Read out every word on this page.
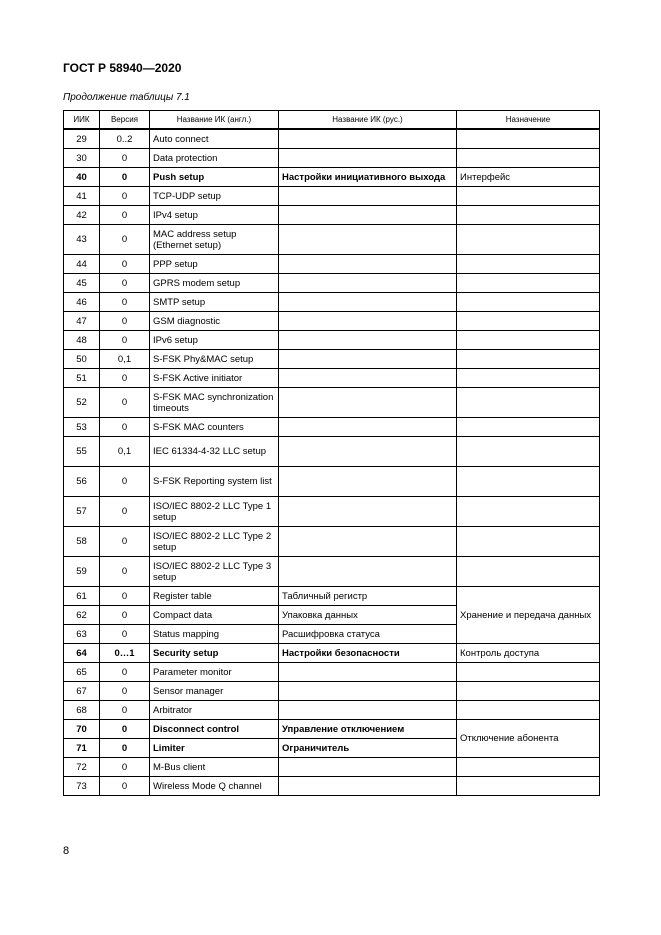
ГОСТ Р 58940—2020
Продолжение таблицы 7.1
ИИК	Версия	Название ИК (англ.)	Название ИК (рус.)	Назначение
29	0..2	Auto connect		
30	0	Data protection		
40	0	Push setup	Настройки инициативного выхода	Интерфейс
41	0	TCP-UDP setup		
42	0	IPv4 setup		
43	0	MAC address setup (Ethernet setup)		
44	0	PPP setup		
45	0	GPRS modem setup		
46	0	SMTP setup		
47	0	GSM diagnostic		
48	0	IPv6 setup		
50	0,1	S-FSK Phy&MAC setup		
51	0	S-FSK Active initiator		
52	0	S-FSK MAC synchronization timeouts		
53	0	S-FSK MAC counters		
55	0,1	IEC 61334-4-32 LLC setup		
56	0	S-FSK Reporting system list		
57	0	ISO/IEC 8802-2 LLC Type 1 setup		
58	0	ISO/IEC 8802-2 LLC Type 2 setup		
59	0	ISO/IEC 8802-2 LLC Type 3 setup		
61	0	Register table	Табличный регистр	Хранение и передача данных
62	0	Compact data	Упаковка данных	
63	0	Status mapping	Расшифровка статуса	
64	0…1	Security setup	Настройки безопасности	Контроль доступа
65	0	Parameter monitor		
67	0	Sensor manager		
68	0	Arbitrator		
70	0	Disconnect control	Управление отключением	Отключение абонента
71	0	Limiter	Ограничитель	
72	0	M-Bus client		
73	0	Wireless Mode Q channel		
8
